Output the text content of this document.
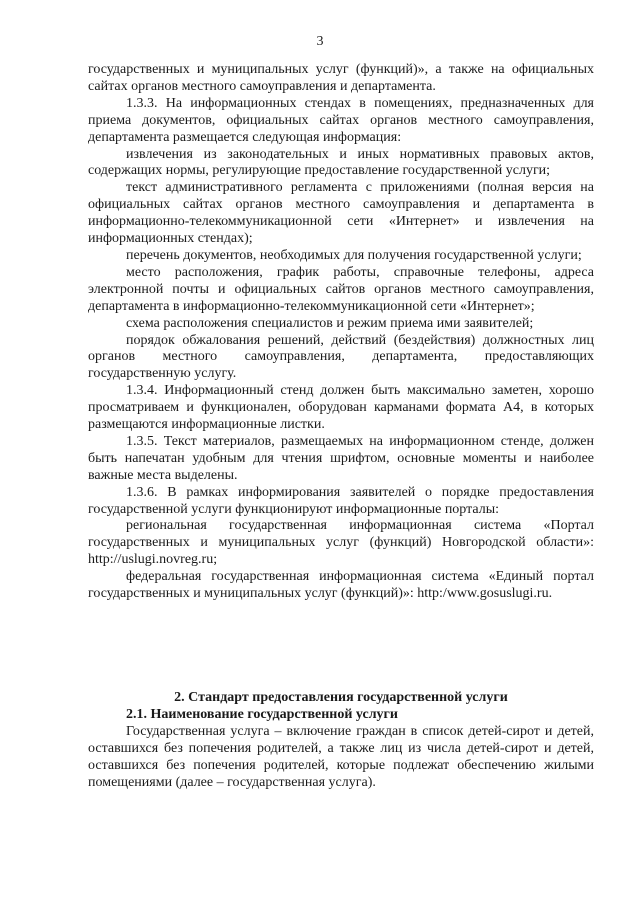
3

государственных и муниципальных услуг (функций)», а также на официальных сайтах органов местного самоуправления и департамента.

1.3.3. На информационных стендах в помещениях, предназначенных для приема документов, официальных сайтах органов местного самоуправления, департамента размещается следующая информация:

извлечения из законодательных и иных нормативных правовых актов, содержащих нормы, регулирующие предоставление государственной услуги;

текст административного регламента с приложениями (полная версия на официальных сайтах органов местного самоуправления и департамента в информационно-телекоммуникационной сети «Интернет» и извлечения на информационных стендах);

перечень документов, необходимых для получения государственной услуги;

место расположения, график работы, справочные телефоны, адреса электронной почты и официальных сайтов органов местного самоуправления, департамента в информационно-телекоммуникационной сети «Интернет»;

схема расположения специалистов и режим приема ими заявителей;

порядок обжалования решений, действий (бездействия) должностных лиц органов местного самоуправления, департамента, предоставляющих государственную услугу.

1.3.4. Информационный стенд должен быть максимально заметен, хорошо просматриваем и функционален, оборудован карманами формата А4, в которых размещаются информационные листки.

1.3.5. Текст материалов, размещаемых на информационном стенде, должен быть напечатан удобным для чтения шрифтом, основные моменты и наиболее важные места выделены.

1.3.6. В рамках информирования заявителей о порядке предоставления государственной услуги функционируют информационные порталы:

региональная государственная информационная система «Портал государственных и муниципальных услуг (функций) Новгородской области»: http://uslugi.novreg.ru;

федеральная государственная информационная система «Единый портал государственных и муниципальных услуг (функций)»: http:/www.gosuslugi.ru.

2. Стандарт предоставления государственной услуги

2.1. Наименование государственной услуги

Государственная услуга – включение граждан в список детей-сирот и детей, оставшихся без попечения родителей, а также лиц из числа детей-сирот и детей, оставшихся без попечения родителей, которые подлежат обеспечению жилыми помещениями (далее – государственная услуга).
